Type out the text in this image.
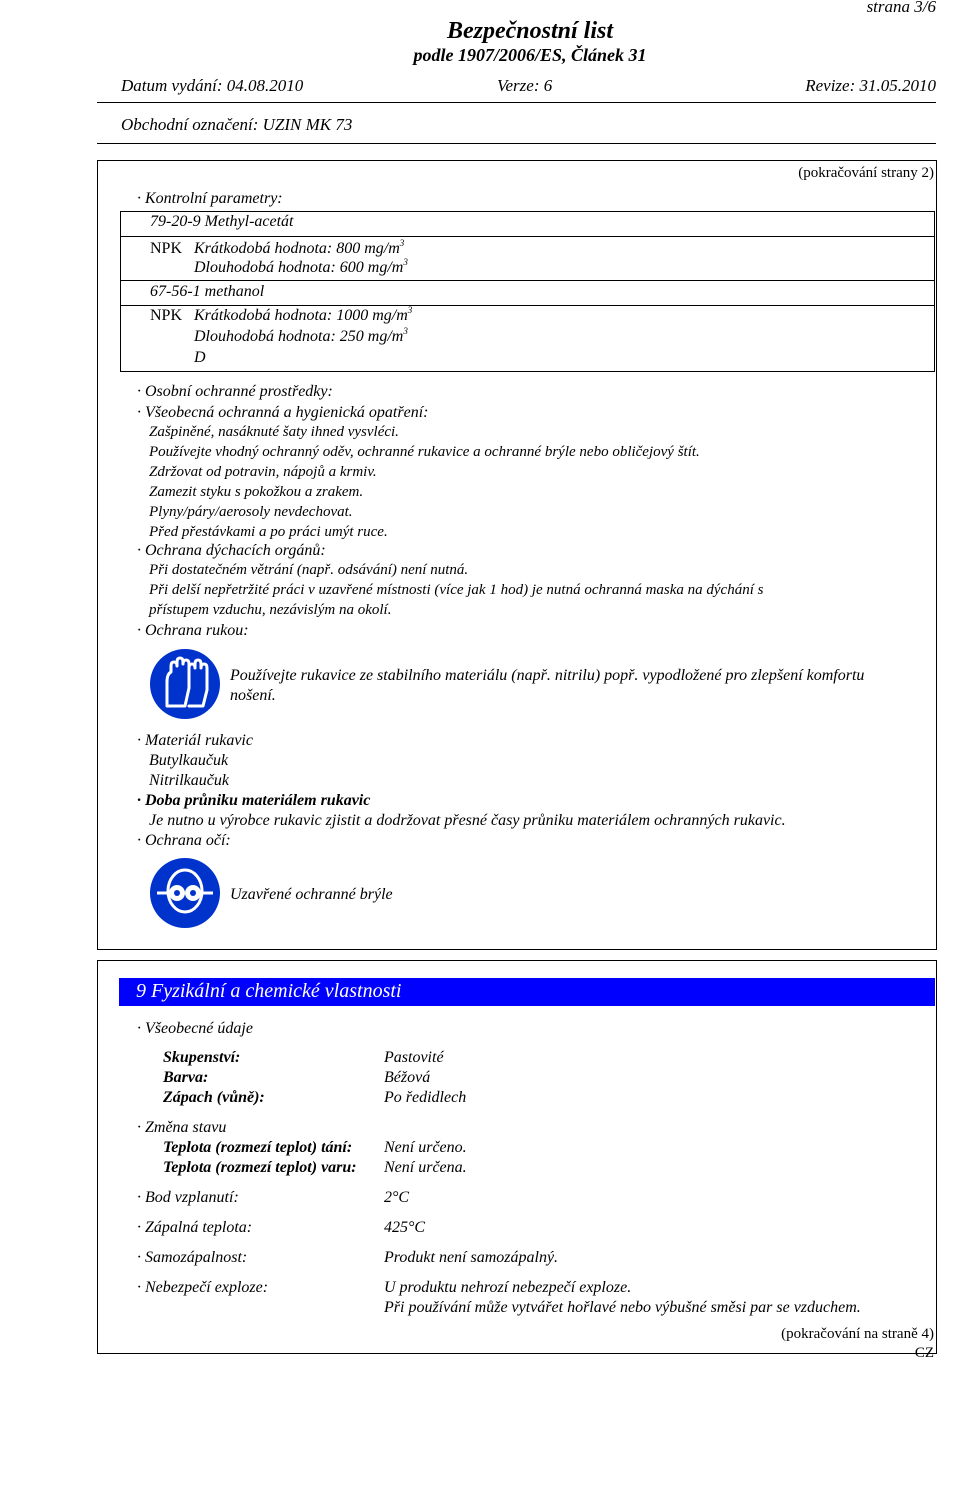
strana 3/6
Bezpečnostní list
podle 1907/2006/ES, Článek 31
Datum vydání: 04.08.2010	Verze: 6	Revize: 31.05.2010
Obchodní označení: UZIN MK 73
(pokračování strany 2)
· Kontrolní parametry:
79-20-9 Methyl-acetát
NPK Krátkodobá hodnota: 800 $mg/m^3$
Dlouhodobá hodnota: 600 $mg/m^3$
67-56-1 methanol
NPK Krátkodobá hodnota: 1000 $mg/m^3$
Dlouhodobá hodnota: 250 $mg/m^3$
D
· Osobní ochranné prostředky:
· Všeobecná ochranná a hygienická opatření:
Zašpiněné, nasáknuté šaty ihned vysvléci.
Používejte vhodný ochranný oděv, ochranné rukavice a ochranné brýle nebo obličejový štít.
Zdržovat od potravin, nápojů a krmiv.
Zamezit styku s pokožkou a zrakem.
Plyny/páry/aerosoly nevdechovat.
Před přestávkami a po práci umýt ruce.
· Ochrana dýchacích orgánů:
Při dostatečném větrání (např. odsávání) není nutná.
Při delší nepřetržité práci v uzavřené místnosti (více jak 1 hod) je nutná ochranná maska na dýchání s
přístupem vzduchu, nezávislým na okolí.
· Ochrana rukou:
Používejte rukavice ze stabilního materiálu (např. nitrilu) popř. vypodložené pro zlepšení komfortu
nošení.
· Materiál rukavic
Butylkaučuk
Nitrilkaučuk
· Doba průniku materiálem rukavic
Je nutno u výrobce rukavic zjistit a dodržovat přesné časy průniku materiálem ochranných rukavic.
· Ochrana očí:
Uzavřené ochranné brýle
9 Fyzikální a chemické vlastnosti
· Všeobecné údaje
Skupenství:	Pastovité
Barva:	Béžová
Zápach (vůně):	Po ředidlech
· Změna stavu
Teplota (rozmezí teplot) tání: Není určeno.
Teplota (rozmezí teplot) varu: Není určena.
· Bod vzplanutí:	2°C
· Zápalná teplota:	425°C
· Samozápalnost:	Produkt není samozápalný.
· Nebezpečí exploze:	U produktu nehrozí nebezpečí exploze.
Při používání může vytvářet hořlavé nebo výbušné směsi par se vzduchem.
(pokračování na straně 4)
CZ
